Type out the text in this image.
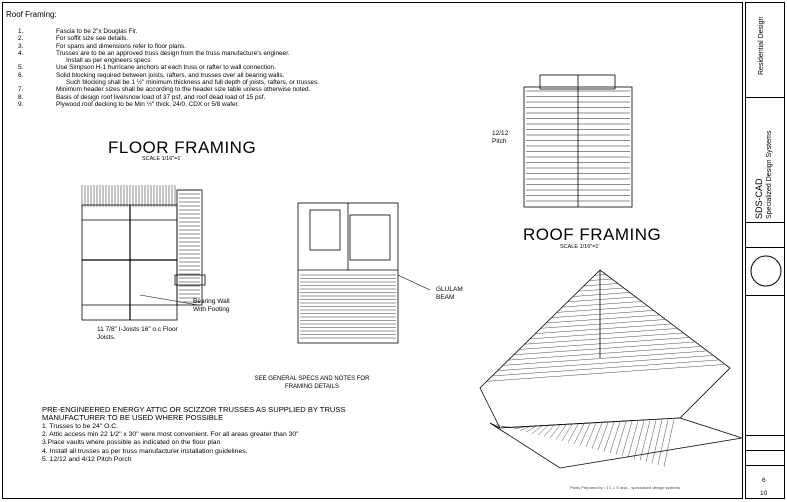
Roof Framing:
1.	Fascia to be 2"x Douglas Fir.
2.	For soffit size see details.
3.	For spans and dimensions refer to floor plans.
4.	Trusses are to be an approved truss design from the truss manufacture's engineer.
Install as per engineers specs
5.	Use Simpson H-1 hurricane anchors at each truss or rafter to wall connection.
6.	Solid blocking required between joists, rafters, and trusses over all bearing walls.
Such blocking shall be 1 ½" minimum thickness and full depth of joists, rafters, or trusses.
7.	Minimum header sizes shall be according to the header size table unless otherwise noted.
8.	Basis of design roof live/snow load of 37 psf, and roof dead load of 15 psf.
9.	Plywood roof decking to be Min ½" thick, 24/0, CDX or 5/8 wafer.
FLOOR FRAMING
SCALE 1/16"=1'
Bearing Wall With Footing
11 7/8" I-Joists 16" o.c Floor Joists.
GLULAM BEAM
12/12 Pitch
ROOF FRAMING
SCALE 1/16"=1'
SEE GENERAL SPECS AND NOTES FOR FRAMING DETAILS
PRE-ENGINEERED ENERGY ATTIC OR SCIZZOR TRUSSES AS SUPPLIED BY TRUSS MANUFACTURER TO BE USED WHERE POSSIBLE
1. Trusses to be 24" O.C.
2. Attic access min 22 1/2" x 30" were most convenient. For all areas greater than 30"
3.Place vaults where possible as indicated on the floor plan
4. Install all trusses as per truss manufacturer installation guidelines.
5. 12/12 and 4/12 Pitch Porch
Plans Prepared by / 1 1 1 © and... specialized design systems
Residential Design
SDS-CAD Specialized Design Systems
6
10
